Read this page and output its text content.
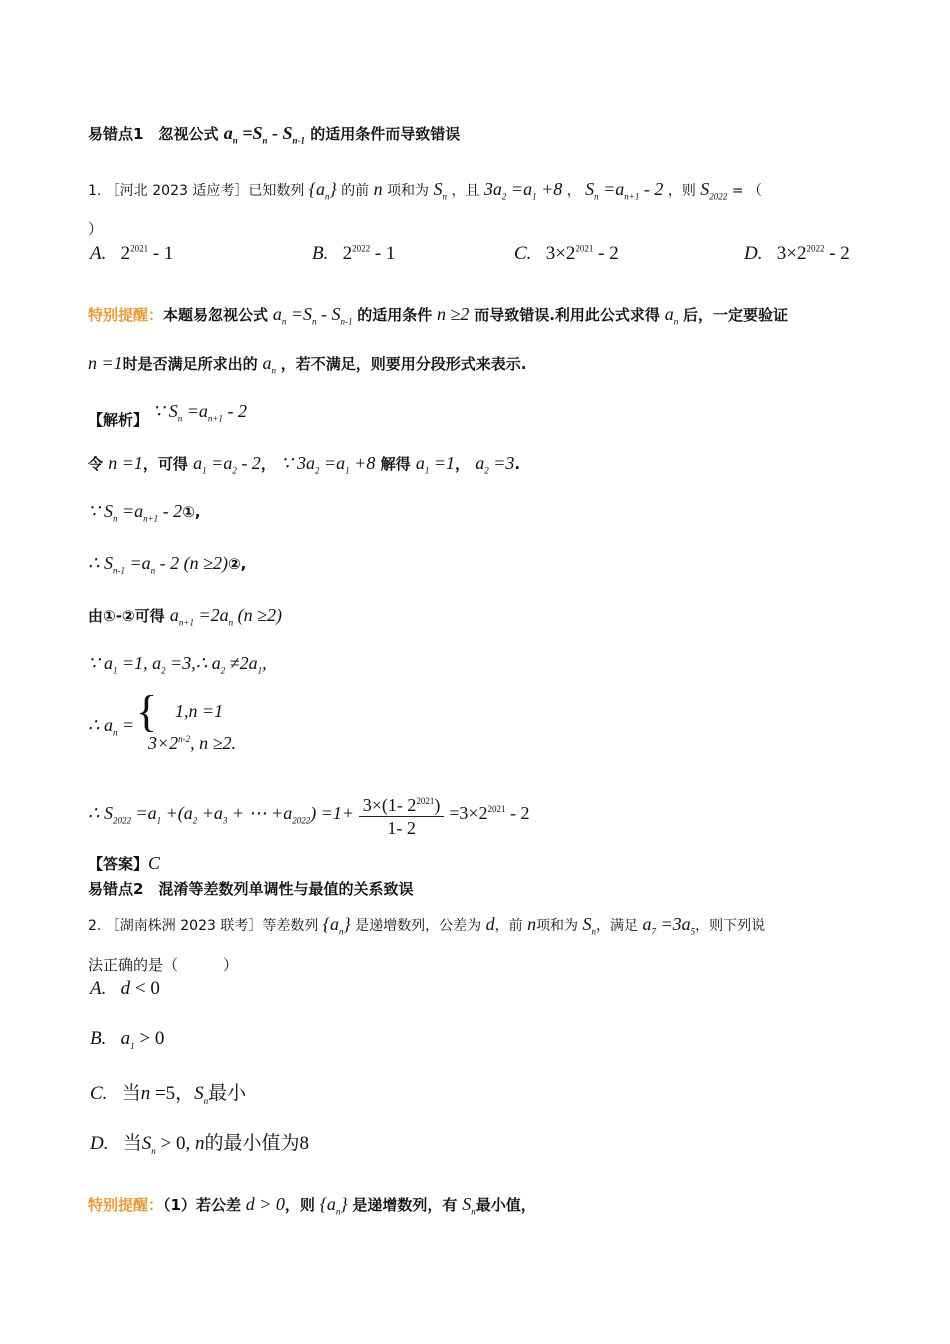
易错点1　忽视公式 $a_n =S_n - S_{n-1}$ 的适用条件而导致错误
1. ［河北 2023 适应考］已知数列 $\{a_n\}$ 的前 n 项和为 $S_n$ ，且 $3a_2 =a_1 +8$ ， $S_n =a_{n+1} - 2$ ，则 $S_{2022}$ = （
）
A.   $2^{2021} - 1$	B.   $2^{2022} - 1$	C.   $3\times 2^{2021} - 2$	D.   $3\times 2^{2022} - 2$
特别提醒：本题易忽视公式 $a_n =S_n - S_{n-1}$ 的适用条件 n ≥2 而导致错误.利用此公式求得 $a_n$ 后，一定要验证
n =1时是否满足所求出的 $a_n$ ，若不满足，则要用分段形式来表示.
【解析】 ∵ $S_n =a_{n+1} - 2$
令 n =1，可得 $a_1 =a_2 - 2$， ∵ $3a_2 =a_1 +8$ 解得 $a_1 =1$， $a_2 =3$.
∵ $S_n =a_{n+1}$ - 2①,
∴ $S_{n-1} =a_n - 2$ (n ≥2)②,
由①-②可得 $a_{n+1} =2a_n$ (n ≥2)
∵ $a_1 =1$, $a_2$ =3,∴ $a_2 \ne 2a_1$,
∴ $a_n$ = { 1,n =1
$3\times 2^{n-2}$, n ≥2.
∴ $S_{2022} =a_1 +(a_2 +a_3$ + ⋯ $+a_{2022}) =1+ \frac{3\times(1- 2^{2021})}{1- 2} =3\times 2^{2021} - 2$
【答案】C
易错点2　混淆等差数列单调性与最值的关系致误
2. ［湖南株洲 2023 联考］等差数列 $\{a_n\}$ 是递增数列，公差为 d，前 n项和为 $S_n$，满足 $a_7 =3a_5$，则下列说
法正确的是（　　　）
A. d < 0
B. $a_1 > 0$
C.   当n =5，$S_n$最小
D.   当$S_n > 0$, n的最小值为8
特别提醒：（1）若公差 d > 0，则 $\{a_n\}$ 是递增数列，有 $S_n$最小值，
